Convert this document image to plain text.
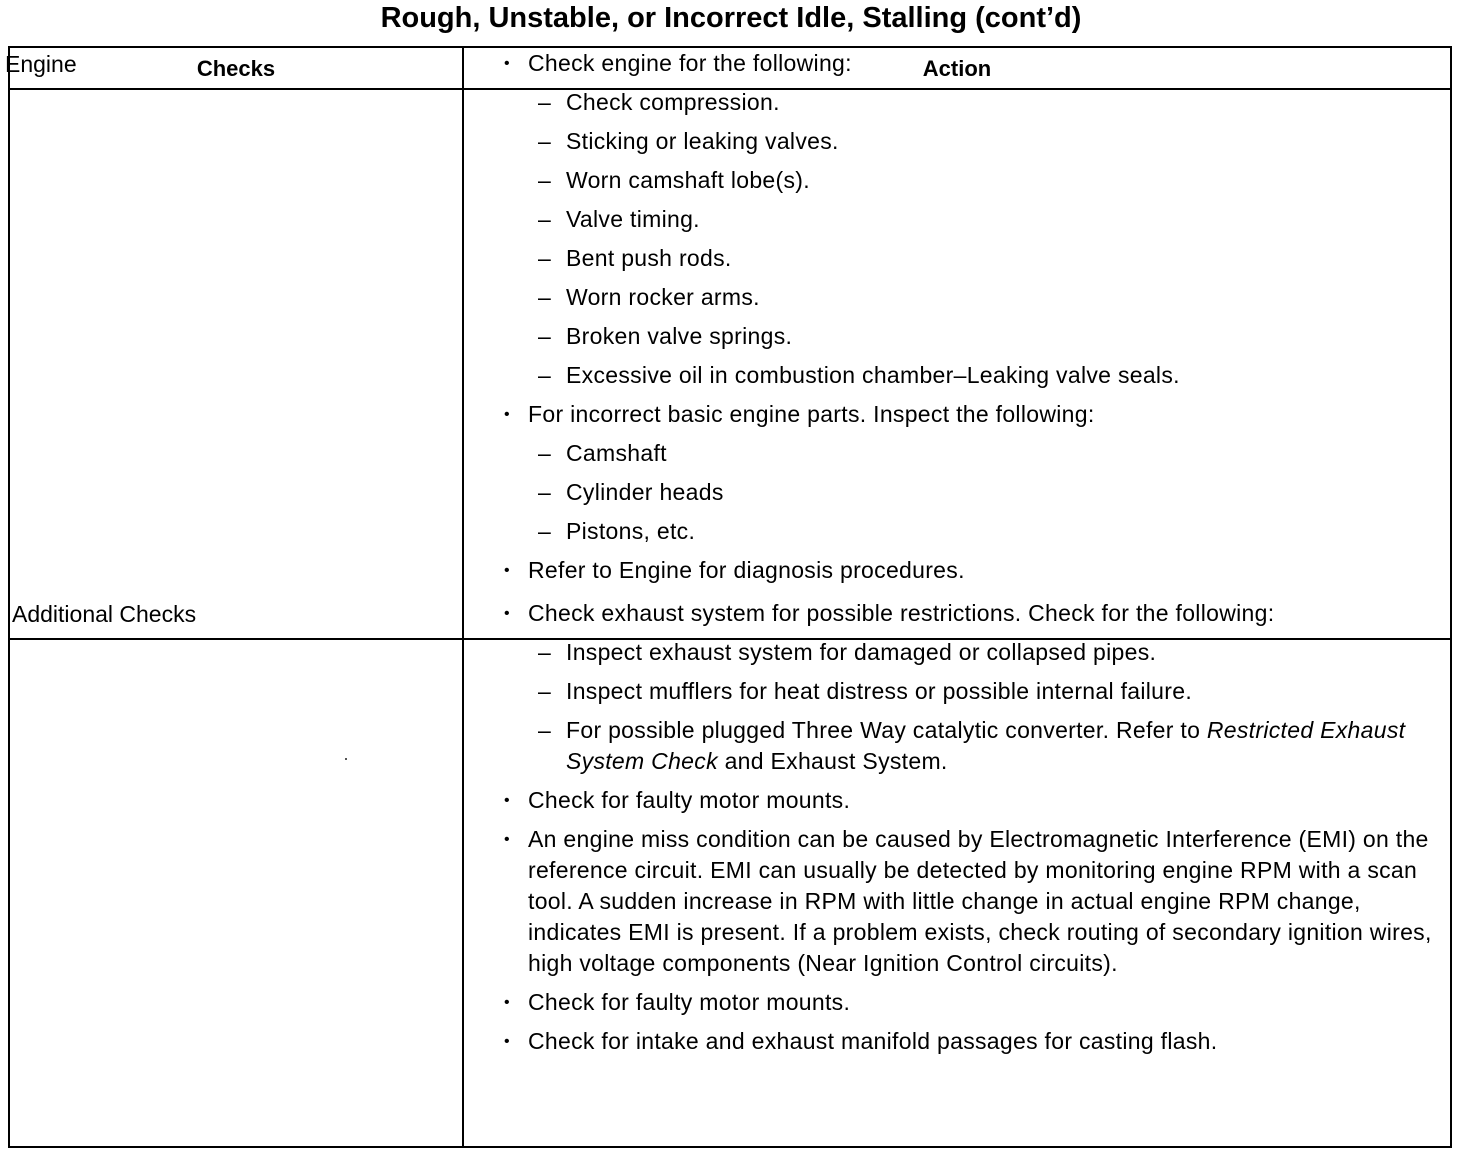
Rough, Unstable, or Incorrect Idle, Stalling (cont’d)
Checks	Action
Engine	• Check engine for the following:
– Check compression.
– Sticking or leaking valves.
– Worn camshaft lobe(s).
– Valve timing.
– Bent push rods.
– Worn rocker arms.
– Broken valve springs.
– Excessive oil in combustion chamber–Leaking valve seals.
• For incorrect basic engine parts. Inspect the following:
– Camshaft
– Cylinder heads
– Pistons, etc.
• Refer to Engine for diagnosis procedures.
Additional Checks	• Check exhaust system for possible restrictions. Check for the following:
– Inspect exhaust system for damaged or collapsed pipes.
– Inspect mufflers for heat distress or possible internal failure.
– For possible plugged Three Way catalytic converter. Refer to Restricted Exhaust System Check and Exhaust System.
• Check for faulty motor mounts.
• An engine miss condition can be caused by Electromagnetic Interference (EMI) on the reference circuit. EMI can usually be detected by monitoring engine RPM with a scan tool. A sudden increase in RPM with little change in actual engine RPM change, indicates EMI is present. If a problem exists, check routing of secondary ignition wires, high voltage components (Near Ignition Control circuits).
• Check for faulty motor mounts.
• Check for intake and exhaust manifold passages for casting flash.
